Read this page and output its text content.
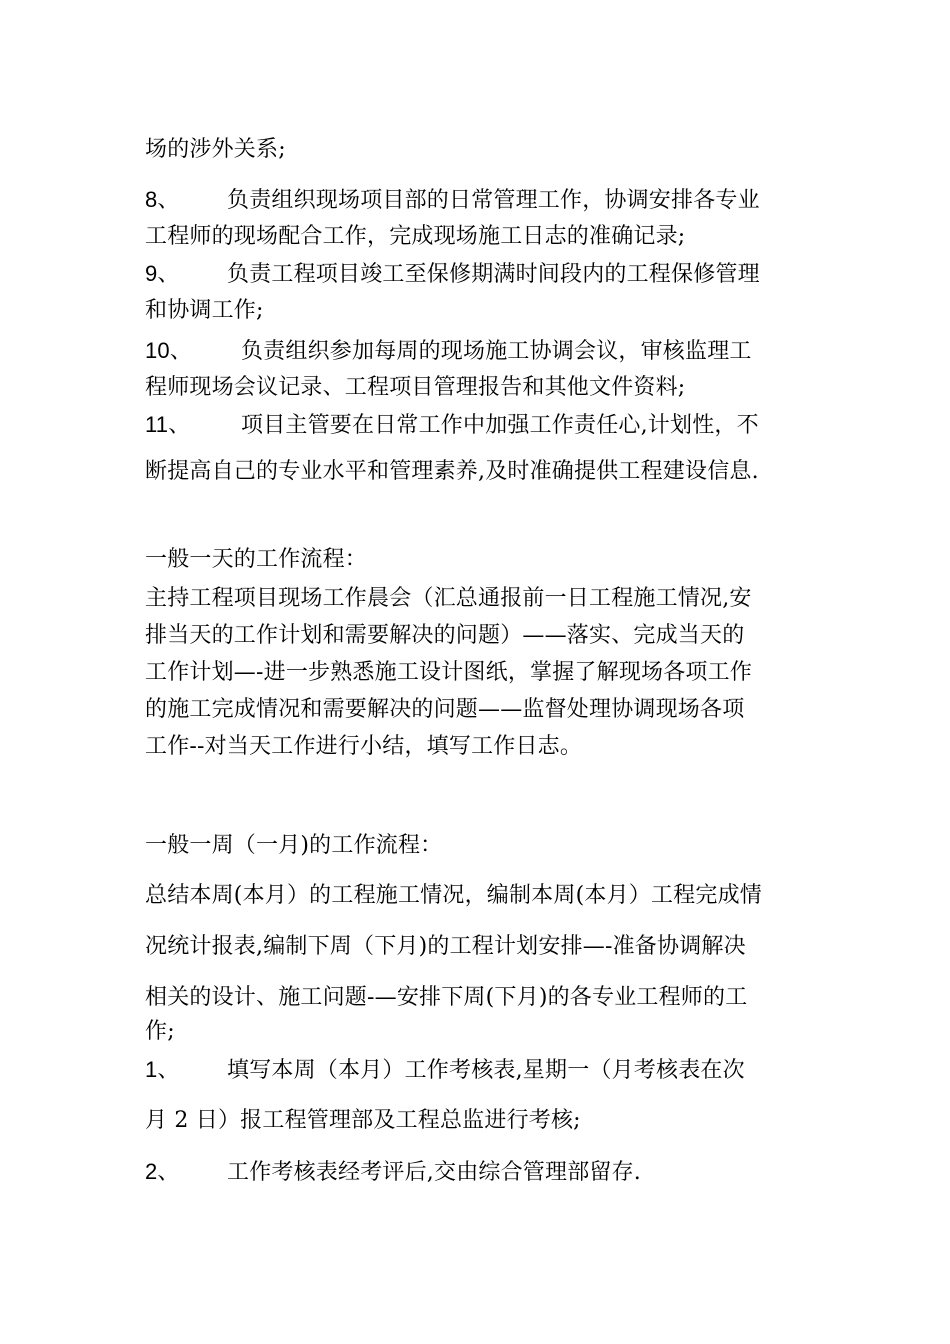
场的涉外关系;
8、 负责组织现场项目部的日常管理工作，协调安排各专业
工程师的现场配合工作，完成现场施工日志的准确记录;
9、 负责工程项目竣工至保修期满时间段内的工程保修管理
和协调工作;
10、 负责组织参加每周的现场施工协调会议，审核监理工
程师现场会议记录、工程项目管理报告和其他文件资料;
11、 项目主管要在日常工作中加强工作责任心,计划性，不
断提高自己的专业水平和管理素养,及时准确提供工程建设信息.
一般一天的工作流程：
主持工程项目现场工作晨会（汇总通报前一日工程施工情况,安
排当天的工作计划和需要解决的问题）——落实、完成当天的
工作计划—-进一步熟悉施工设计图纸，掌握了解现场各项工作
的施工完成情况和需要解决的问题——监督处理协调现场各项
工作--对当天工作进行小结，填写工作日志。
一般一周（一月)的工作流程：
总结本周(本月）的工程施工情况，编制本周(本月）工程完成情
况统计报表,编制下周（下月)的工程计划安排—-准备协调解决
相关的设计、施工问题-—安排下周(下月)的各专业工程师的工
作;
1、 填写本周（本月）工作考核表,星期一（月考核表在次
月 2 日）报工程管理部及工程总监进行考核;
2、 工作考核表经考评后,交由综合管理部留存.
